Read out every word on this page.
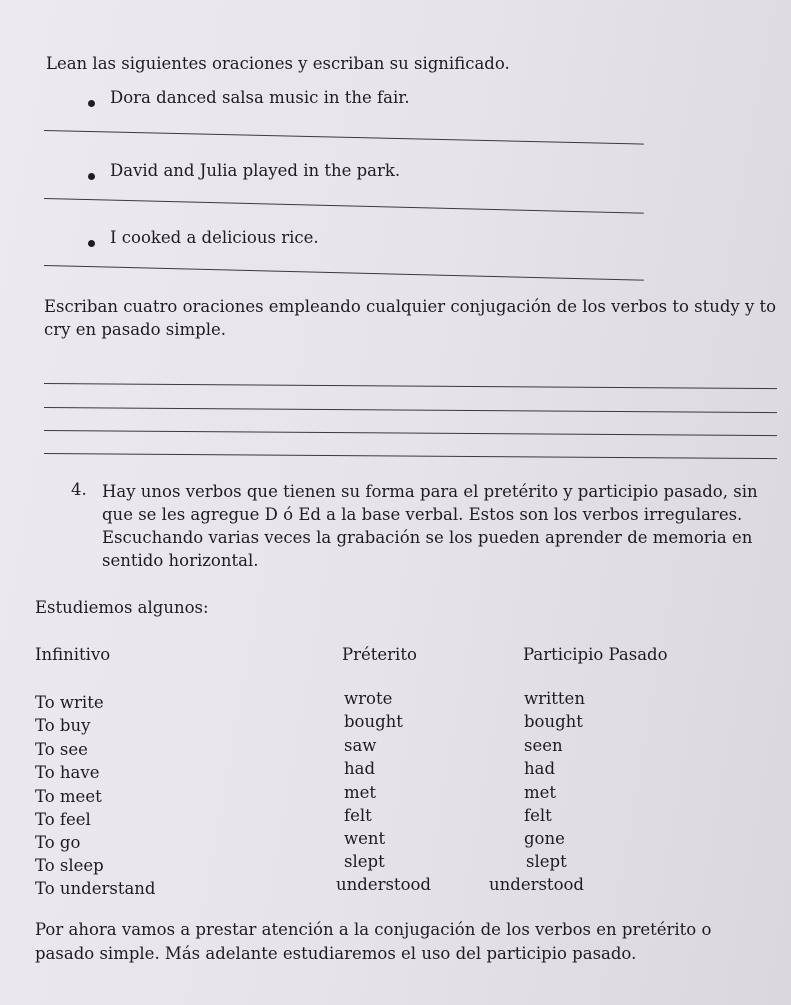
Lean las siguientes oraciones y escriban su significado.
Dora danced salsa music in the fair.
David and Julia played in the park.
I cooked a delicious rice.
Escriban cuatro oraciones empleando cualquier conjugación de los verbos to study y to cry en pasado simple.
4. Hay unos verbos que tienen su forma para el pretérito y participio pasado, sin que se les agregue D ó Ed a la base verbal. Estos son los verbos irregulares. Escuchando varias veces la grabación se los pueden aprender de memoria en sentido horizontal.
Estudiemos algunos:
Infinitivo	Préterito	Participio Pasado
To write	wrote	written
To buy	bought	bought
To see	saw	seen
To have	had	had
To meet	met	met
To feel	felt	felt
To go	went	gone
To sleep	slept	slept
To understand	understood	understood
Por ahora vamos a prestar atención a la conjugación de los verbos en pretérito o pasado simple. Más adelante estudiaremos el uso del participio pasado.
